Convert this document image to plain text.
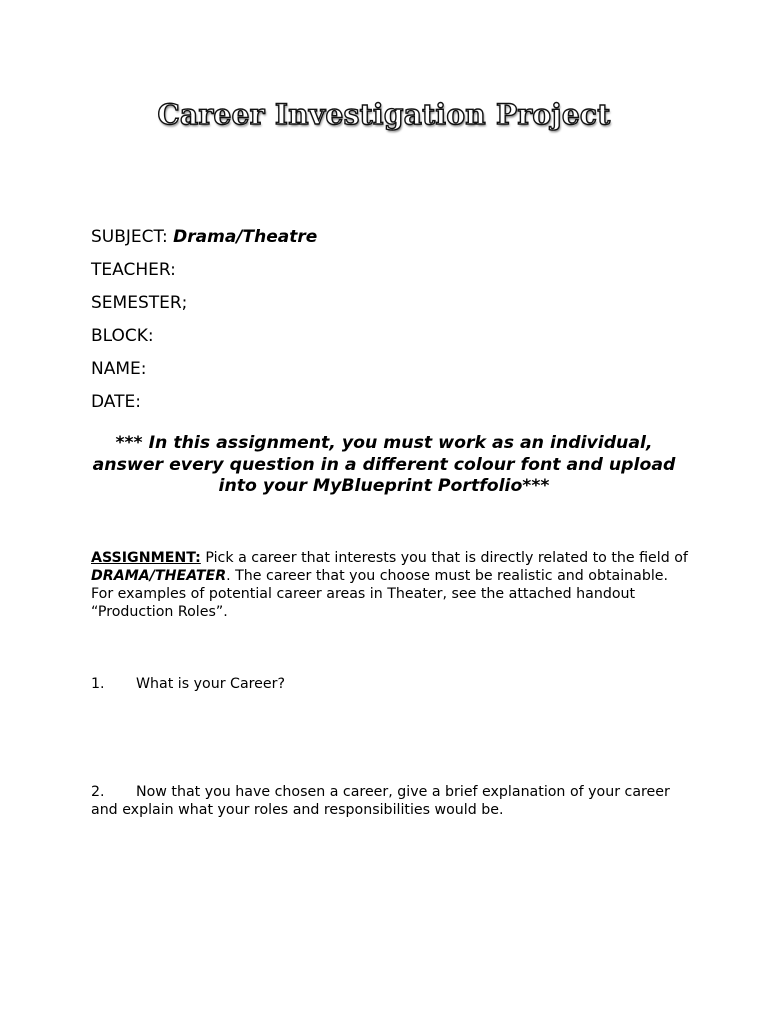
Career Investigation Project
SUBJECT: Drama/Theatre
TEACHER:
SEMESTER;
BLOCK:
NAME:
DATE:
*** In this assignment, you must work as an individual, answer every question in a different colour font and upload into your MyBlueprint Portfolio***
ASSIGNMENT: Pick a career that interests you that is directly related to the field of DRAMA/THEATER. The career that you choose must be realistic and obtainable. For examples of potential career areas in Theater, see the attached handout “Production Roles”.
1. What is your Career?
2. Now that you have chosen a career, give a brief explanation of your career and explain what your roles and responsibilities would be.
